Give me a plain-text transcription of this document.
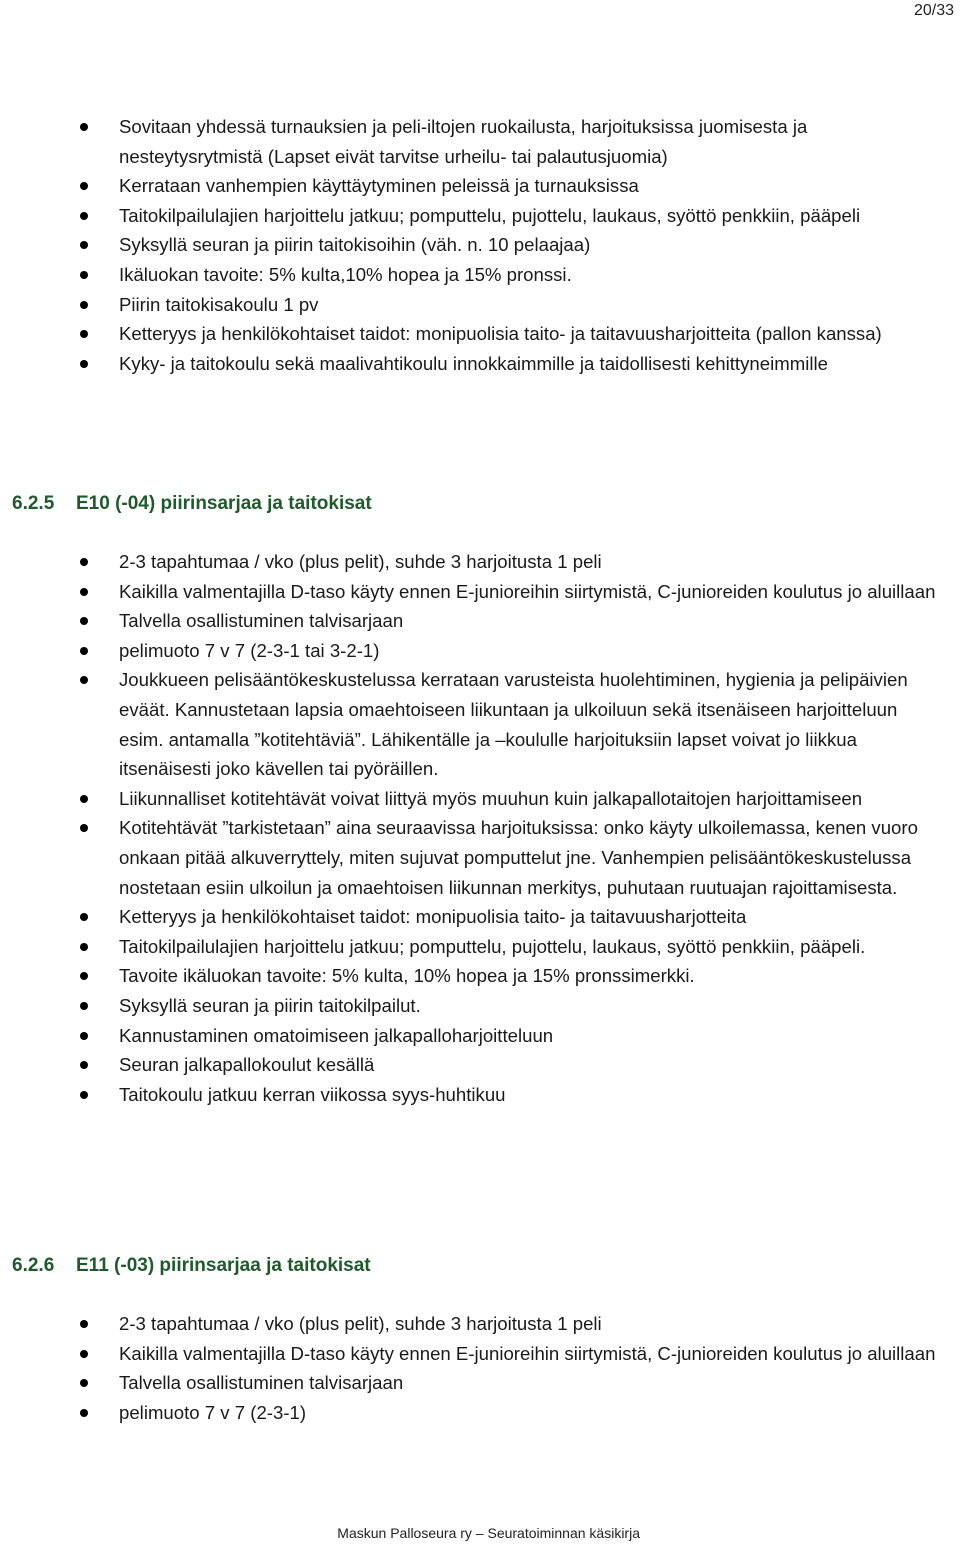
20/33
Sovitaan yhdessä turnauksien ja peli-iltojen ruokailusta, harjoituksissa juomisesta ja nesteytysrytmistä (Lapset eivät tarvitse urheilu- tai palautusjuomia)
Kerrataan vanhempien käyttäytyminen peleissä ja turnauksissa
Taitokilpailulajien harjoittelu jatkuu; pomputtelu, pujottelu, laukaus, syöttö penkkiin, pääpeli
Syksyllä seuran ja piirin taitokisoihin (väh. n. 10 pelaajaa)
Ikäluokan tavoite: 5% kulta,10% hopea ja 15% pronssi.
Piirin taitokisakoulu 1 pv
Ketteryys ja henkilökohtaiset taidot: monipuolisia taito- ja taitavuusharjoitteita (pallon kanssa)
Kyky- ja taitokoulu sekä maalivahtikoulu innokkaimmille ja taidollisesti kehittyneimmille
6.2.5 E10 (-04) piirinsarjaa ja taitokisat
2-3 tapahtumaa / vko (plus pelit), suhde 3 harjoitusta 1 peli
Kaikilla valmentajilla D-taso käyty ennen E-junioreihin siirtymistä, C-junioreiden koulutus jo aluillaan
Talvella osallistuminen talvisarjaan
pelimuoto 7 v 7 (2-3-1 tai 3-2-1)
Joukkueen pelisääntökeskustelussa kerrataan varusteista huolehtiminen, hygienia ja pelipäivien eväät. Kannustetaan lapsia omaehtoiseen liikuntaan ja ulkoiluun sekä itsenäiseen harjoitteluun esim. antamalla ”kotitehtäviä”. Lähikentälle ja –koululle harjoituksiin lapset voivat jo liikkua itsenäisesti joko kävellen tai pyöräillen.
Liikunnalliset kotitehtävät voivat liittyä myös muuhun kuin jalkapallotaitojen harjoittamiseen
Kotitehtävät ”tarkistetaan” aina seuraavissa harjoituksissa: onko käyty ulkoilemassa, kenen vuoro onkaan pitää alkuverryttely, miten sujuvat pomputtelut jne. Vanhempien pelisääntökeskustelussa nostetaan esiin ulkoilun ja omaehtoisen liikunnan merkitys, puhutaan ruutuajan rajoittamisesta.
Ketteryys ja henkilökohtaiset taidot: monipuolisia taito- ja taitavuusharjotteita
Taitokilpailulajien harjoittelu jatkuu; pomputtelu, pujottelu, laukaus, syöttö penkkiin, pääpeli.
Tavoite ikäluokan tavoite: 5% kulta, 10% hopea ja 15% pronssimerkki.
Syksyllä seuran ja piirin taitokilpailut.
Kannustaminen omatoimiseen jalkapalloharjoitteluun
Seuran jalkapallokoulut kesällä
Taitokoulu jatkuu kerran viikossa syys-huhtikuu
6.2.6 E11 (-03) piirinsarjaa ja taitokisat
2-3 tapahtumaa / vko (plus pelit), suhde 3 harjoitusta 1 peli
Kaikilla valmentajilla D-taso käyty ennen E-junioreihin siirtymistä, C-junioreiden koulutus jo aluillaan
Talvella osallistuminen talvisarjaan
pelimuoto 7 v 7 (2-3-1)
Maskun Palloseura ry – Seuratoiminnan käsikirja
